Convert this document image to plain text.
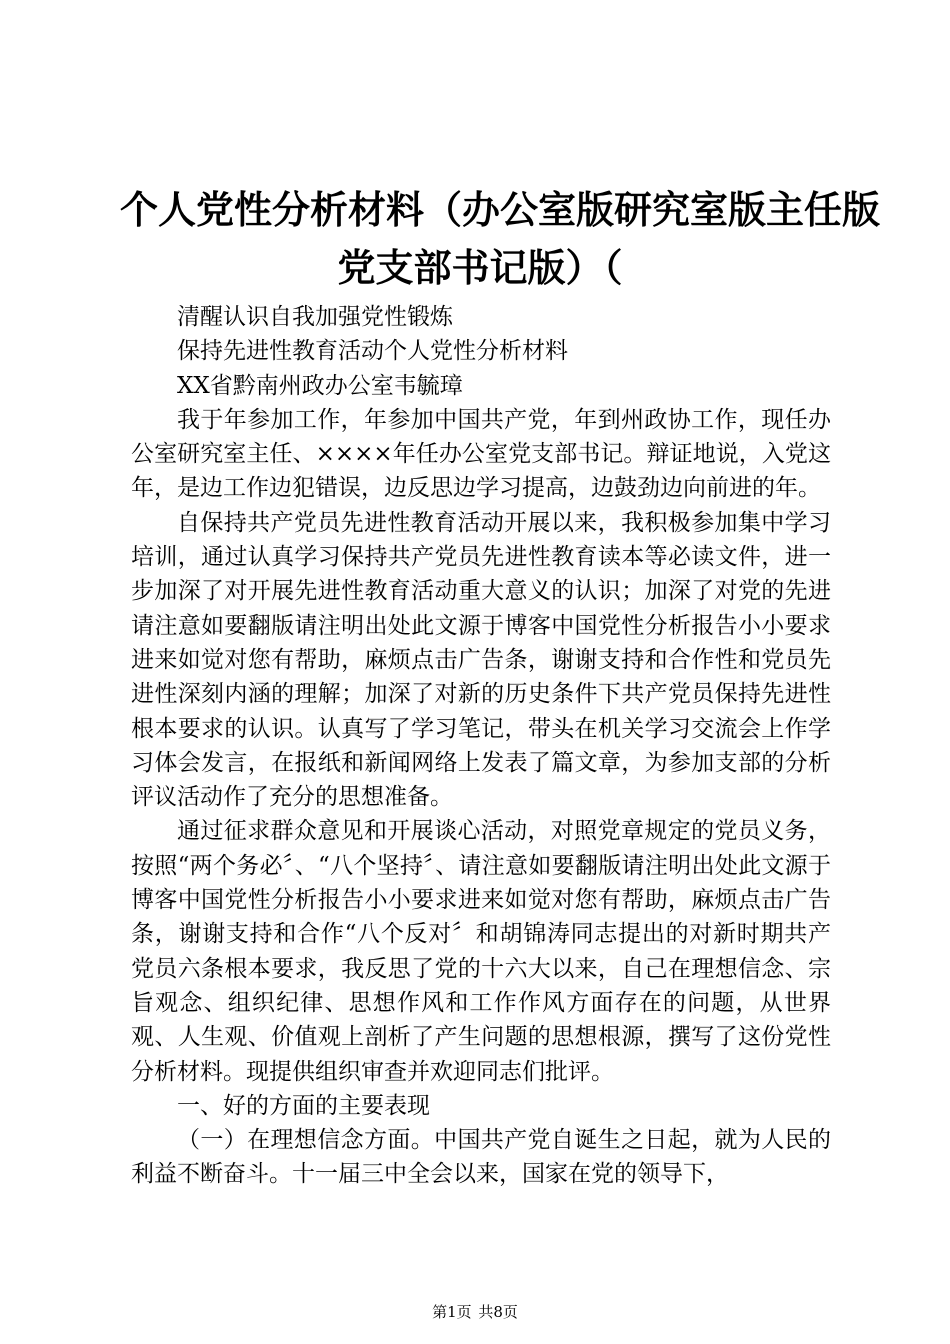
个人党性分析材料（办公室版研究室版主任版
党支部书记版）（

清醒认识自我加强党性锻炼

保持先进性教育活动个人党性分析材料

XX省黔南州政办公室韦毓璋

我于年参加工作，年参加中国共产党，年到州政协工作，现任办公室研究室主任、××××年任办公室党支部书记。辩证地说，入党这年，是边工作边犯错误，边反思边学习提高，边鼓劲边向前进的年。

自保持共产党员先进性教育活动开展以来，我积极参加集中学习培训，通过认真学习保持共产党员先进性教育读本等必读文件，进一步加深了对开展先进性教育活动重大意义的认识；加深了对党的先进请注意如要翻版请注明出处此文源于博客中国党性分析报告小小要求进来如觉对您有帮助，麻烦点击广告条，谢谢支持和合作性和党员先进性深刻内涵的理解；加深了对新的历史条件下共产党员保持先进性根本要求的认识。认真写了学习笔记，带头在机关学习交流会上作学习体会发言，在报纸和新闻网络上发表了篇文章，为参加支部的分析评议活动作了充分的思想准备。

通过征求群众意见和开展谈心活动，对照党章规定的党员义务，按照“两个务必〞、“八个坚持〞、请注意如要翻版请注明出处此文源于博客中国党性分析报告小小要求进来如觉对您有帮助，麻烦点击广告条，谢谢支持和合作“八个反对〞和胡锦涛同志提出的对新时期共产党员六条根本要求，我反思了党的十六大以来，自己在理想信念、宗旨观念、组织纪律、思想作风和工作作风方面存在的问题，从世界观、人生观、价值观上剖析了产生问题的思想根源，撰写了这份党性分析材料。现提供组织审查并欢迎同志们批评。

一、好的方面的主要表现

（一）在理想信念方面。中国共产党自诞生之日起，就为人民的利益不断奋斗。十一届三中全会以来，国家在党的领导下，

第1页 共8页
